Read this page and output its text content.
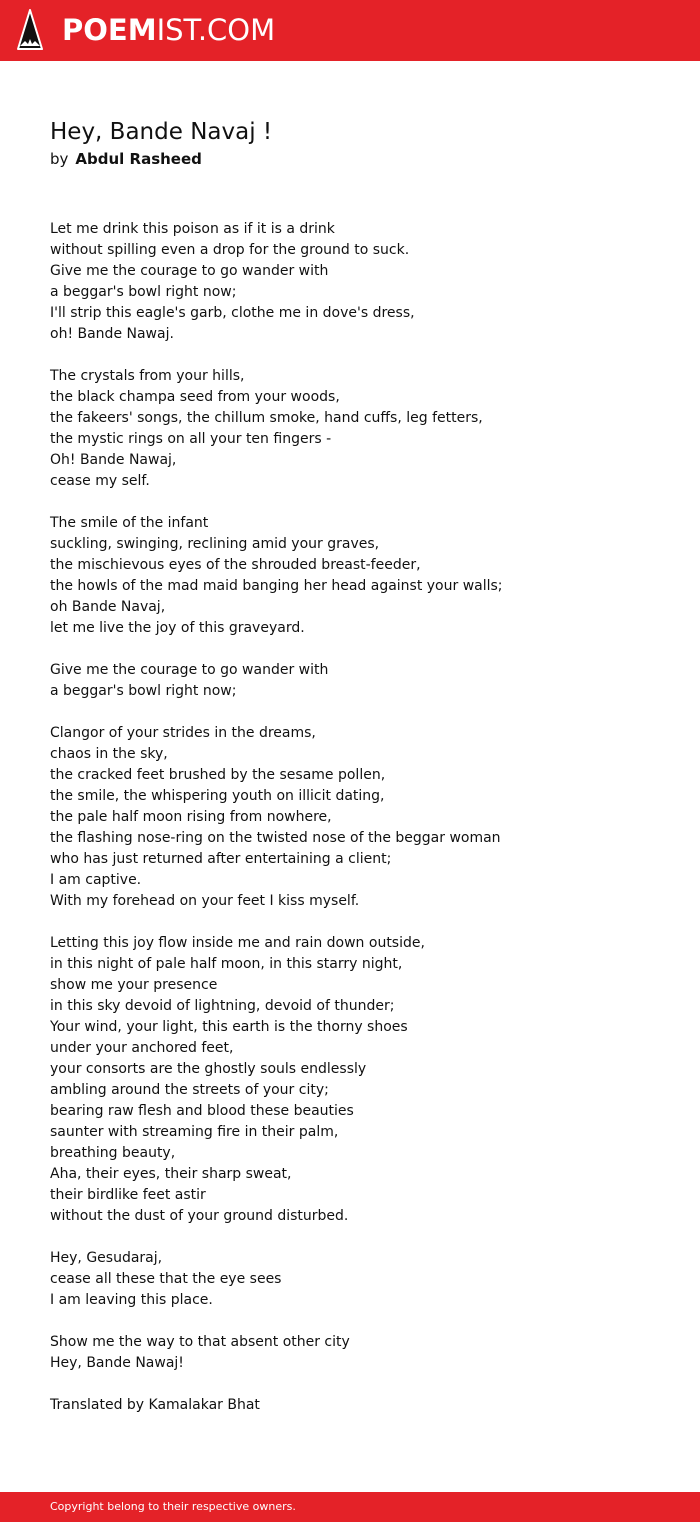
POEMIST.COM
Hey, Bande Navaj !
by Abdul Rasheed
Let me drink this poison as if it is a drink
without spilling even a drop for the ground to suck.
Give me the courage to go wander with
a beggar's bowl right now;
I'll strip this eagle's garb, clothe me in dove's dress,
oh! Bande Nawaj.
The crystals from your hills,
the black champa seed from your woods,
the fakeers' songs, the chillum smoke, hand cuffs, leg fetters,
the mystic rings on all your ten fingers -
Oh! Bande Nawaj,
cease my self.
The smile of the infant
suckling, swinging, reclining amid your graves,
the mischievous eyes of the shrouded breast-feeder,
the howls of the mad maid banging her head against your walls;
oh Bande Navaj,
let me live the joy of this graveyard.
Give me the courage to go wander with
a beggar's bowl right now;
Clangor of your strides in the dreams,
chaos in the sky,
the cracked feet brushed by the sesame pollen,
the smile, the whispering youth on illicit dating,
the pale half moon rising from nowhere,
the flashing nose-ring on the twisted nose of the beggar woman
who has just returned after entertaining a client;
I am captive.
With my forehead on your feet I kiss myself.
Letting this joy flow inside me and rain down outside,
in this night of pale half moon, in this starry night,
show me your presence
in this sky devoid of lightning, devoid of thunder;
Your wind, your light, this earth is the thorny shoes
under your anchored feet,
your consorts are the ghostly souls endlessly
ambling around the streets of your city;
bearing raw flesh and blood these beauties
saunter with streaming fire in their palm,
breathing beauty,
Aha, their eyes, their sharp sweat,
their birdlike feet astir
without the dust of your ground disturbed.
Hey, Gesudaraj,
cease all these that the eye sees
I am leaving this place.
Show me the way to that absent other city
Hey, Bande Nawaj!
Translated by Kamalakar Bhat
Copyright belong to their respective owners.
